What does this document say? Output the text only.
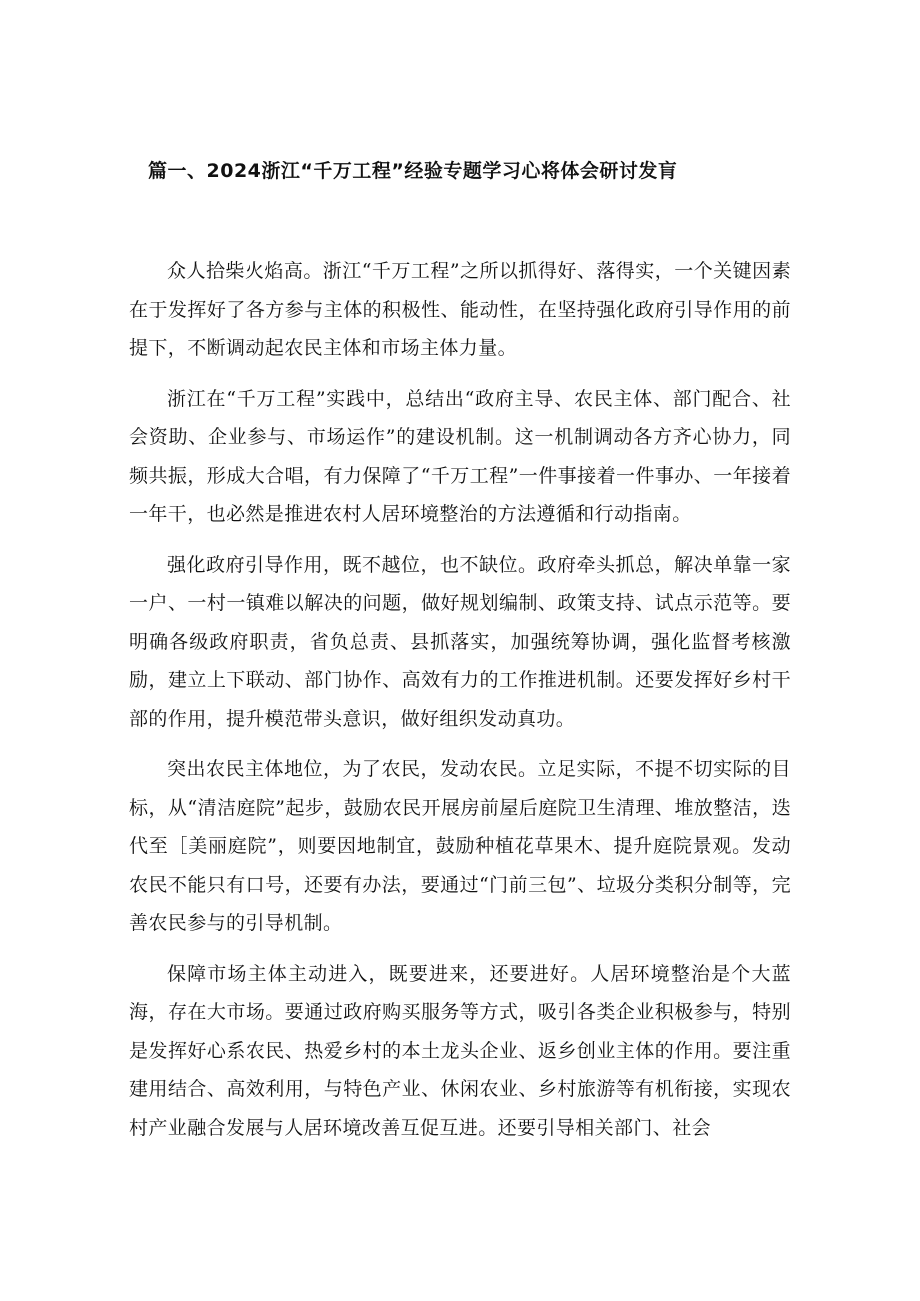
篇一、2024浙江“千万工程”经验专题学习心将体会研讨发肓

众人拾柴火焰高。浙江“千万工程”之所以抓得好、落得实，一个关键因素在于发挥好了各方参与主体的积极性、能动性，在坚持强化政府引导作用的前提下，不断调动起农民主体和市场主体力量。

浙江在“千万工程”实践中，总结出“政府主导、农民主体、部门配合、社会资助、企业参与、市场运作”的建设机制。这一机制调动各方齐心协力，同频共振，形成大合唱，有力保障了“千万工程”一件事接着一件事办、一年接着一年干，也必然是推进农村人居环境整治的方法遵循和行动指南。

强化政府引导作用，既不越位，也不缺位。政府牵头抓总，解决单靠一家一户、一村一镇难以解决的问题，做好规划编制、政策支持、试点示范等。要明确各级政府职责，省负总责、县抓落实，加强统筹协调，强化监督考核激励，建立上下联动、部门协作、高效有力的工作推进机制。还要发挥好乡村干部的作用，提升模范带头意识，做好组织发动真功。

突出农民主体地位，为了农民，发动农民。立足实际，不提不切实际的目标，从“清洁庭院”起步，鼓励农民开展房前屋后庭院卫生清理、堆放整洁，迭代至［美丽庭院”，则要因地制宜，鼓励种植花草果木、提升庭院景观。发动农民不能只有口号，还要有办法，要通过“门前三包”、垃圾分类积分制等，完善农民参与的引导机制。

保障市场主体主动进入，既要进来，还要进好。人居环境整治是个大蓝海，存在大市场。要通过政府购买服务等方式，吸引各类企业积极参与，特别是发挥好心系农民、热爱乡村的本土龙头企业、返乡创业主体的作用。要注重建用结合、高效利用，与特色产业、休闲农业、乡村旅游等有机衔接，实现农村产业融合发展与人居环境改善互促互进。还要引导相关部门、社会
